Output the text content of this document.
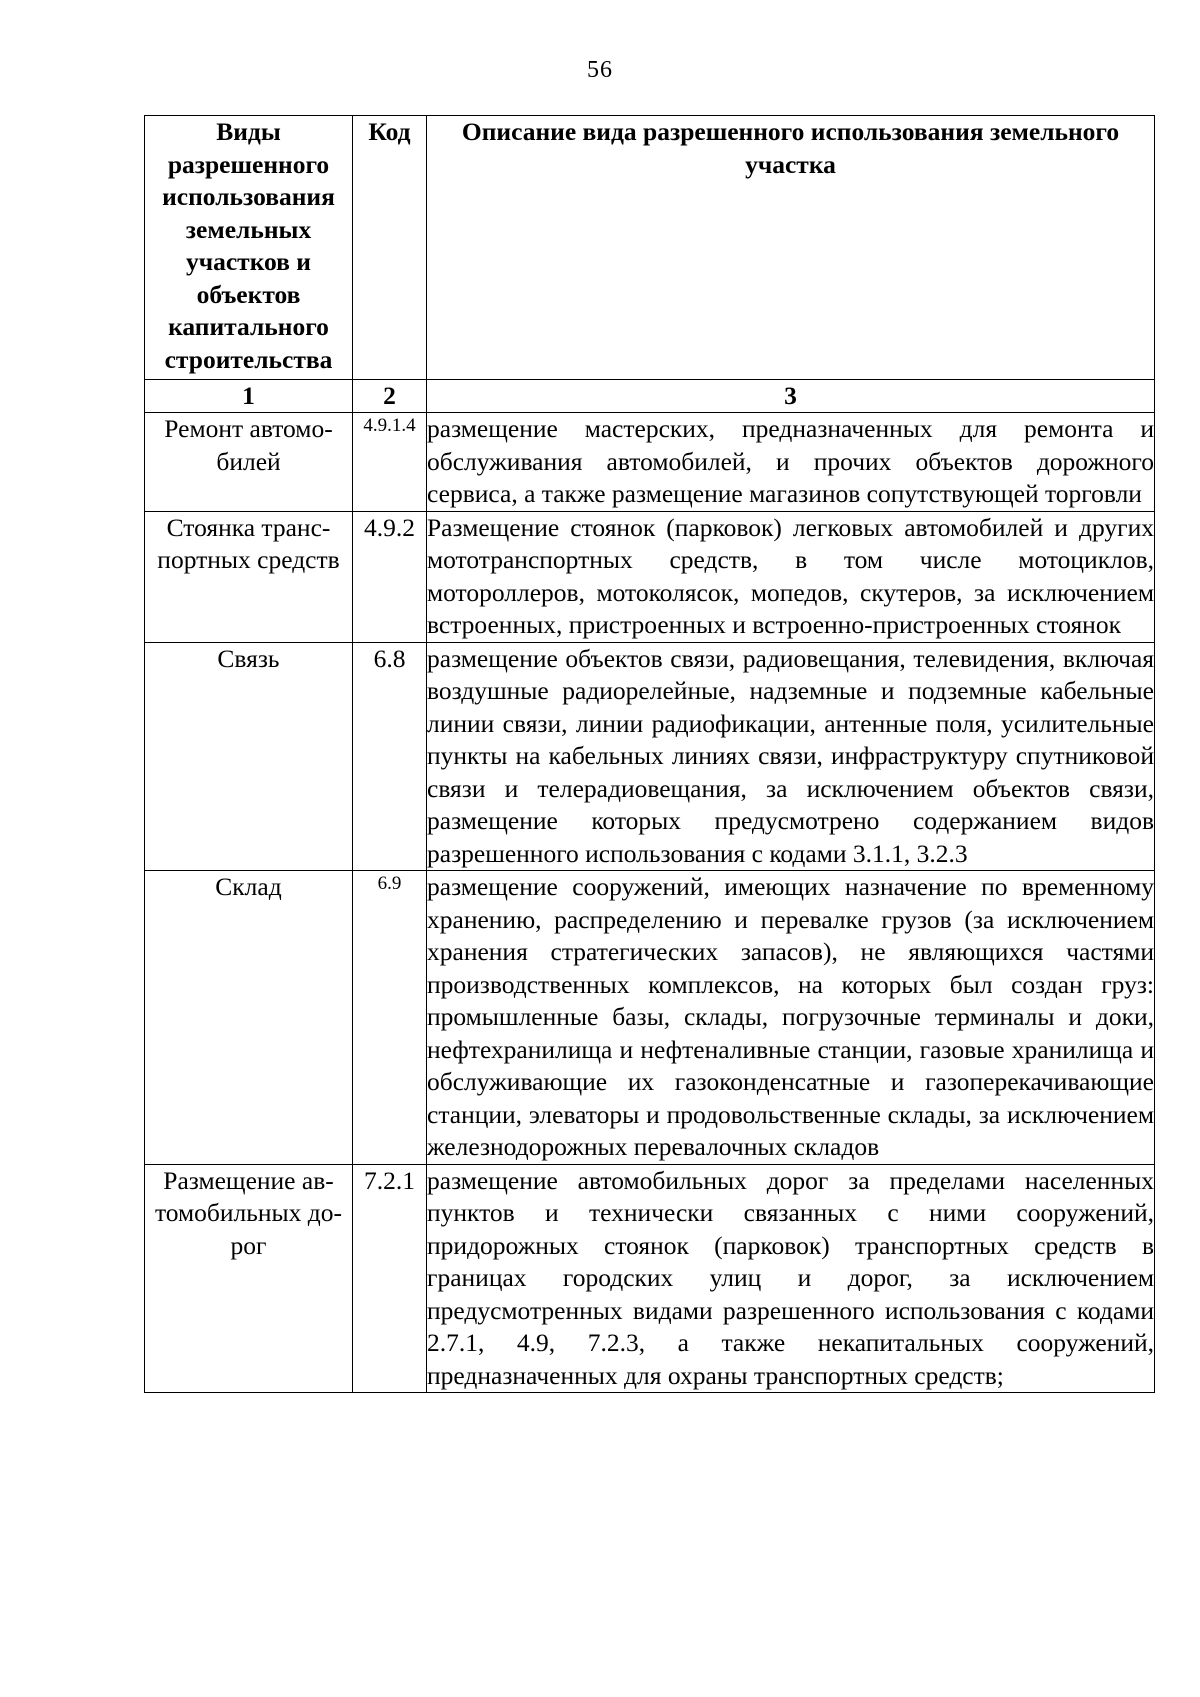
56
Виды разрешенного использования земельных участков и объектов капитального строительства	Код	Описание вида разрешенного использования земельного участка
1	2	3
Ремонт автомо-билей	4.9.1.4	размещение мастерских, предназначенных для ремонта и обслуживания автомобилей, и прочих объектов дорожного сервиса, а также размещение магазинов сопутствующей торговли
Стоянка транс-портных средств	4.9.2	Размещение стоянок (парковок) легковых автомобилей и других мототранспортных средств, в том числе мотоциклов, мотороллеров, мотоколясок, мопедов, скутеров, за исключением встроенных, пристроенных и встроенно-пристроенных стоянок
Связь	6.8	размещение объектов связи, радиовещания, телевидения, включая воздушные радиорелейные, надземные и подземные кабельные линии связи, линии радиофикации, антенные поля, усилительные пункты на кабельных линиях связи, инфраструктуру спутниковой связи и телерадиовещания, за исключением объектов связи, размещение которых предусмотрено содержанием видов разрешенного использования с кодами 3.1.1, 3.2.3
Склад	6.9	размещение сооружений, имеющих назначение по временному хранению, распределению и перевалке грузов (за исключением хранения стратегических запасов), не являющихся частями производственных комплексов, на которых был создан груз: промышленные базы, склады, погрузочные терминалы и доки, нефтехранилища и нефтеналивные станции, газовые хранилища и обслуживающие их газоконденсатные и газоперекачивающие станции, элеваторы и продовольственные склады, за исключением железнодорожных перевалочных складов
Размещение ав-томобильных до-рог	7.2.1	размещение автомобильных дорог за пределами населенных пунктов и технически связанных с ними сооружений, придорожных стоянок (парковок) транспортных средств в границах городских улиц и дорог, за исключением предусмотренных видами разрешенного использования с кодами 2.7.1, 4.9, 7.2.3, а также некапитальных сооружений, предназначенных для охраны транспортных средств;
